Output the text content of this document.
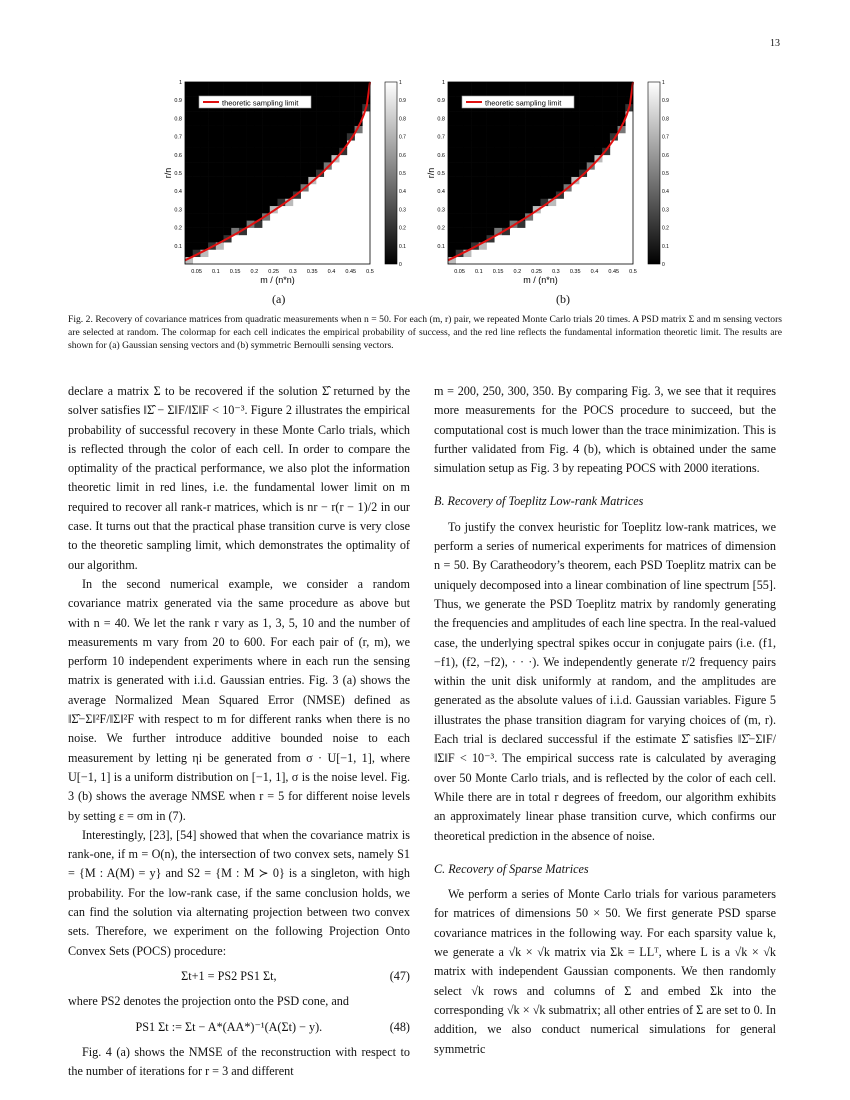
13
theoretic sampling limit
0.05 0.1 0.15 0.2 0.25 0.3 0.35 0.4 0.45 0.5
0.1
0.2
0.3
0.4
0.5
0.6
0.7
0.8
0.9
1
m / (n*n)
r/n
0
0.1
0.2
0.3
0.4
0.5
0.6
0.7
0.8
0.9
1
(a)
theoretic sampling limit
0.05 0.1 0.15 0.2 0.25 0.3 0.35 0.4 0.45 0.5
0.1
0.2
0.3
0.4
0.5
0.6
0.7
0.8
0.9
1
m / (n*n)
r/n
0
0.1
0.2
0.3
0.4
0.5
0.6
0.7
0.8
0.9
1
(b)
Fig. 2. Recovery of covariance matrices from quadratic measurements when n = 50. For each (m, r) pair, we repeated Monte Carlo trials 20 times. A PSD matrix Σ and m sensing vectors are selected at random. The colormap for each cell indicates the empirical probability of success, and the red line reflects the fundamental information theoretic limit. The results are shown for (a) Gaussian sensing vectors and (b) symmetric Bernoulli sensing vectors.

declare a matrix Σ to be recovered if the solution Σ̂ returned by the solver satisfies ‖Σ̂ − Σ‖F/‖Σ‖F < 10⁻³. Figure 2 illustrates the empirical probability of successful recovery in these Monte Carlo trials, which is reflected through the color of each cell. In order to compare the optimality of the practical performance, we also plot the information theoretic limit in red lines, i.e. the fundamental lower limit on m required to recover all rank-r matrices, which is nr − r(r − 1)/2 in our case. It turns out that the practical phase transition curve is very close to the theoretic sampling limit, which demonstrates the optimality of our algorithm.

In the second numerical example, we consider a random covariance matrix generated via the same procedure as above but with n = 40. We let the rank r vary as 1, 3, 5, 10 and the number of measurements m vary from 20 to 600. For each pair of (r, m), we perform 10 independent experiments where in each run the sensing matrix is generated with i.i.d. Gaussian entries. Fig. 3 (a) shows the average Normalized Mean Squared Error (NMSE) defined as ‖Σ̂−Σ‖²F/‖Σ‖²F with respect to m for different ranks when there is no noise. We further introduce additive bounded noise to each measurement by letting ηi be generated from σ · U[−1, 1], where U[−1, 1] is a uniform distribution on [−1, 1], σ is the noise level. Fig. 3 (b) shows the average NMSE when r = 5 for different noise levels by setting ε = σm in (7).

Interestingly, [23], [54] showed that when the covariance matrix is rank-one, if m = O(n), the intersection of two convex sets, namely S1 = {M : A(M) = y} and S2 = {M : M ≻ 0} is a singleton, with high probability. For the low-rank case, if the same conclusion holds, we can find the solution via alternating projection between two convex sets. Therefore, we experiment on the following Projection Onto Convex Sets (POCS) procedure:

Σt+1 = PS2 PS1 Σt,	(47)

where PS2 denotes the projection onto the PSD cone, and

PS1 Σt := Σt − A*(AA*)⁻¹(A(Σt) − y).	(48)

Fig. 4 (a) shows the NMSE of the reconstruction with respect to the number of iterations for r = 3 and different

m = 200, 250, 300, 350. By comparing Fig. 3, we see that it requires more measurements for the POCS procedure to succeed, but the computational cost is much lower than the trace minimization. This is further validated from Fig. 4 (b), which is obtained under the same simulation setup as Fig. 3 by repeating POCS with 2000 iterations.

B. Recovery of Toeplitz Low-rank Matrices

To justify the convex heuristic for Toeplitz low-rank matrices, we perform a series of numerical experiments for matrices of dimension n = 50. By Caratheodory’s theorem, each PSD Toeplitz matrix can be uniquely decomposed into a linear combination of line spectrum [55]. Thus, we generate the PSD Toeplitz matrix by randomly generating the frequencies and amplitudes of each line spectra. In the real-valued case, the underlying spectral spikes occur in conjugate pairs (i.e. (f1, −f1), (f2, −f2), · · ·). We independently generate r/2 frequency pairs within the unit disk uniformly at random, and the amplitudes are generated as the absolute values of i.i.d. Gaussian variables. Figure 5 illustrates the phase transition diagram for varying choices of (m, r). Each trial is declared successful if the estimate Σ̂ satisfies ‖Σ̂−Σ‖F/‖Σ‖F < 10⁻³. The empirical success rate is calculated by averaging over 50 Monte Carlo trials, and is reflected by the color of each cell. While there are in total r degrees of freedom, our algorithm exhibits an approximately linear phase transition curve, which confirms our theoretical prediction in the absence of noise.

C. Recovery of Sparse Matrices

We perform a series of Monte Carlo trials for various parameters for matrices of dimensions 50 × 50. We first generate PSD sparse covariance matrices in the following way. For each sparsity value k, we generate a √k × √k matrix via Σk = LLᵀ, where L is a √k × √k matrix with independent Gaussian components. We then randomly select √k rows and columns of Σ and embed Σk into the corresponding √k × √k submatrix; all other entries of Σ are set to 0. In addition, we also conduct numerical simulations for general symmetric
